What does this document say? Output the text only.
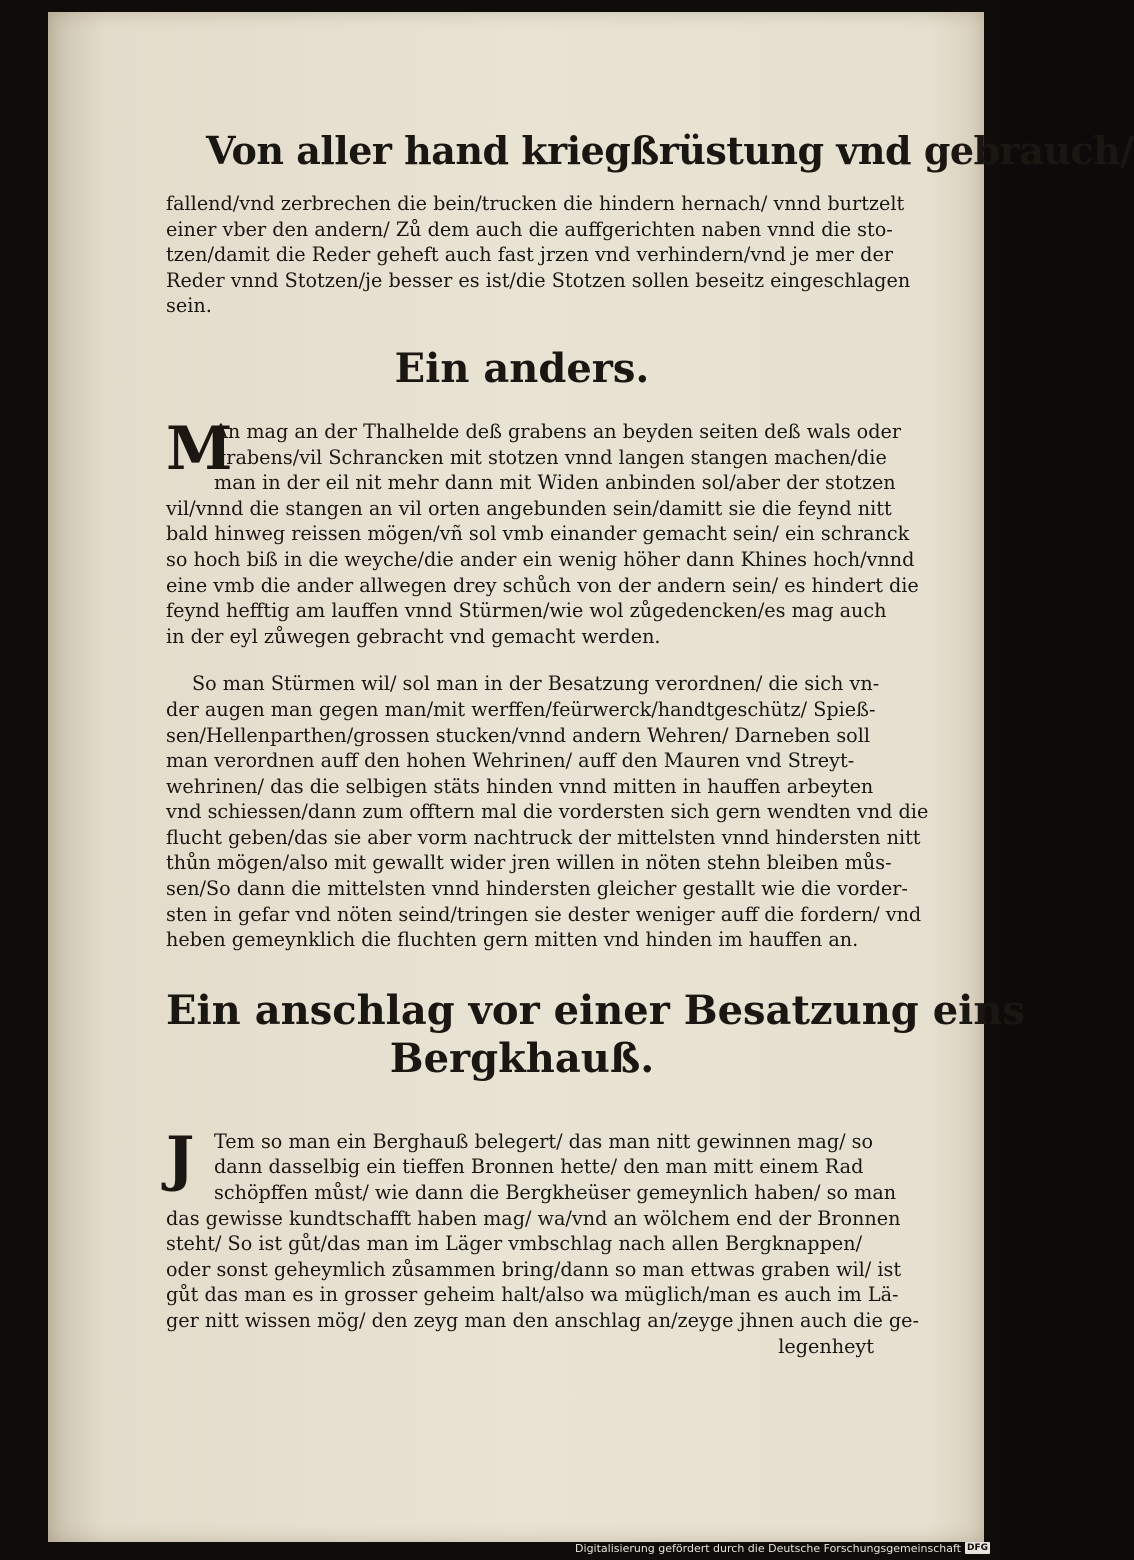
Von aller hand kriegßrüstung vnd gebrauch/
fallend/vnd zerbrechen die bein/trucken die hindern hernach/ vnnd burtzelt
einer vber den andern/ Zů dem auch die auffgerichten naben vnnd die sto-
tzen/damit die Reder geheft auch fast jrzen vnd verhindern/vnd je mer der
Reder vnnd Stotzen/je besser es ist/die Stotzen sollen beseitz eingeschlagen
sein.
Ein anders.
M
An mag an der Thalhelde deß grabens an beyden seiten deß wals oder
grabens/vil Schrancken mit stotzen vnnd langen stangen machen/die
man in der eil nit mehr dann mit Widen anbinden sol/aber der stotzen
vil/vnnd die stangen an vil orten angebunden sein/damitt sie die feynd nitt
bald hinweg reissen mögen/vñ sol vmb einander gemacht sein/ ein schranck
so hoch biß in die weyche/die ander ein wenig höher dann Khines hoch/vnnd
eine vmb die ander allwegen drey schůch von der andern sein/ es hindert die
feynd hefftig am lauffen vnnd Stürmen/wie wol zůgedencken/es mag auch
in der eyl zůwegen gebracht vnd gemacht werden.
So man Stürmen wil/ sol man in der Besatzung verordnen/ die sich vn-
der augen man gegen man/mit werffen/feürwerck/handtgeschütz/ Spieß-
sen/Hellenparthen/grossen stucken/vnnd andern Wehren/ Darneben soll
man verordnen auff den hohen Wehrinen/ auff den Mauren vnd Streyt-
wehrinen/ das die selbigen stäts hinden vnnd mitten in hauffen arbeyten
vnd schiessen/dann zum offtern mal die vordersten sich gern wendten vnd die
flucht geben/das sie aber vorm nachtruck der mittelsten vnnd hindersten nitt
thůn mögen/also mit gewallt wider jren willen in nöten stehn bleiben můs-
sen/So dann die mittelsten vnnd hindersten gleicher gestallt wie die vorder-
sten in gefar vnd nöten seind/tringen sie dester weniger auff die fordern/ vnd
heben gemeynklich die fluchten gern mitten vnd hinden im hauffen an.
Ein anschlag vor einer Besatzung eins
Bergkhauß.
J	Tem so man ein Berghauß belegert/ das man nitt gewinnen mag/ so
dann dasselbig ein tieffen Bronnen hette/ den man mitt einem Rad
schöpffen můst/ wie dann die Bergkheüser gemeynlich haben/ so man
das gewisse kundtschafft haben mag/ wa/vnd an wölchem end der Bronnen
steht/ So ist gůt/das man im Läger vmbschlag nach allen Bergknappen/
oder sonst geheymlich zůsammen bring/dann so man ettwas graben wil/ ist
gůt das man es in grosser geheim halt/also wa müglich/man es auch im Lä-
ger nitt wissen mög/ den zeyg man den anschlag an/zeyge jhnen auch die ge-
legenheyt
Digitalisierung gefördert durch die Deutsche Forschungsgemeinschaft DFG
